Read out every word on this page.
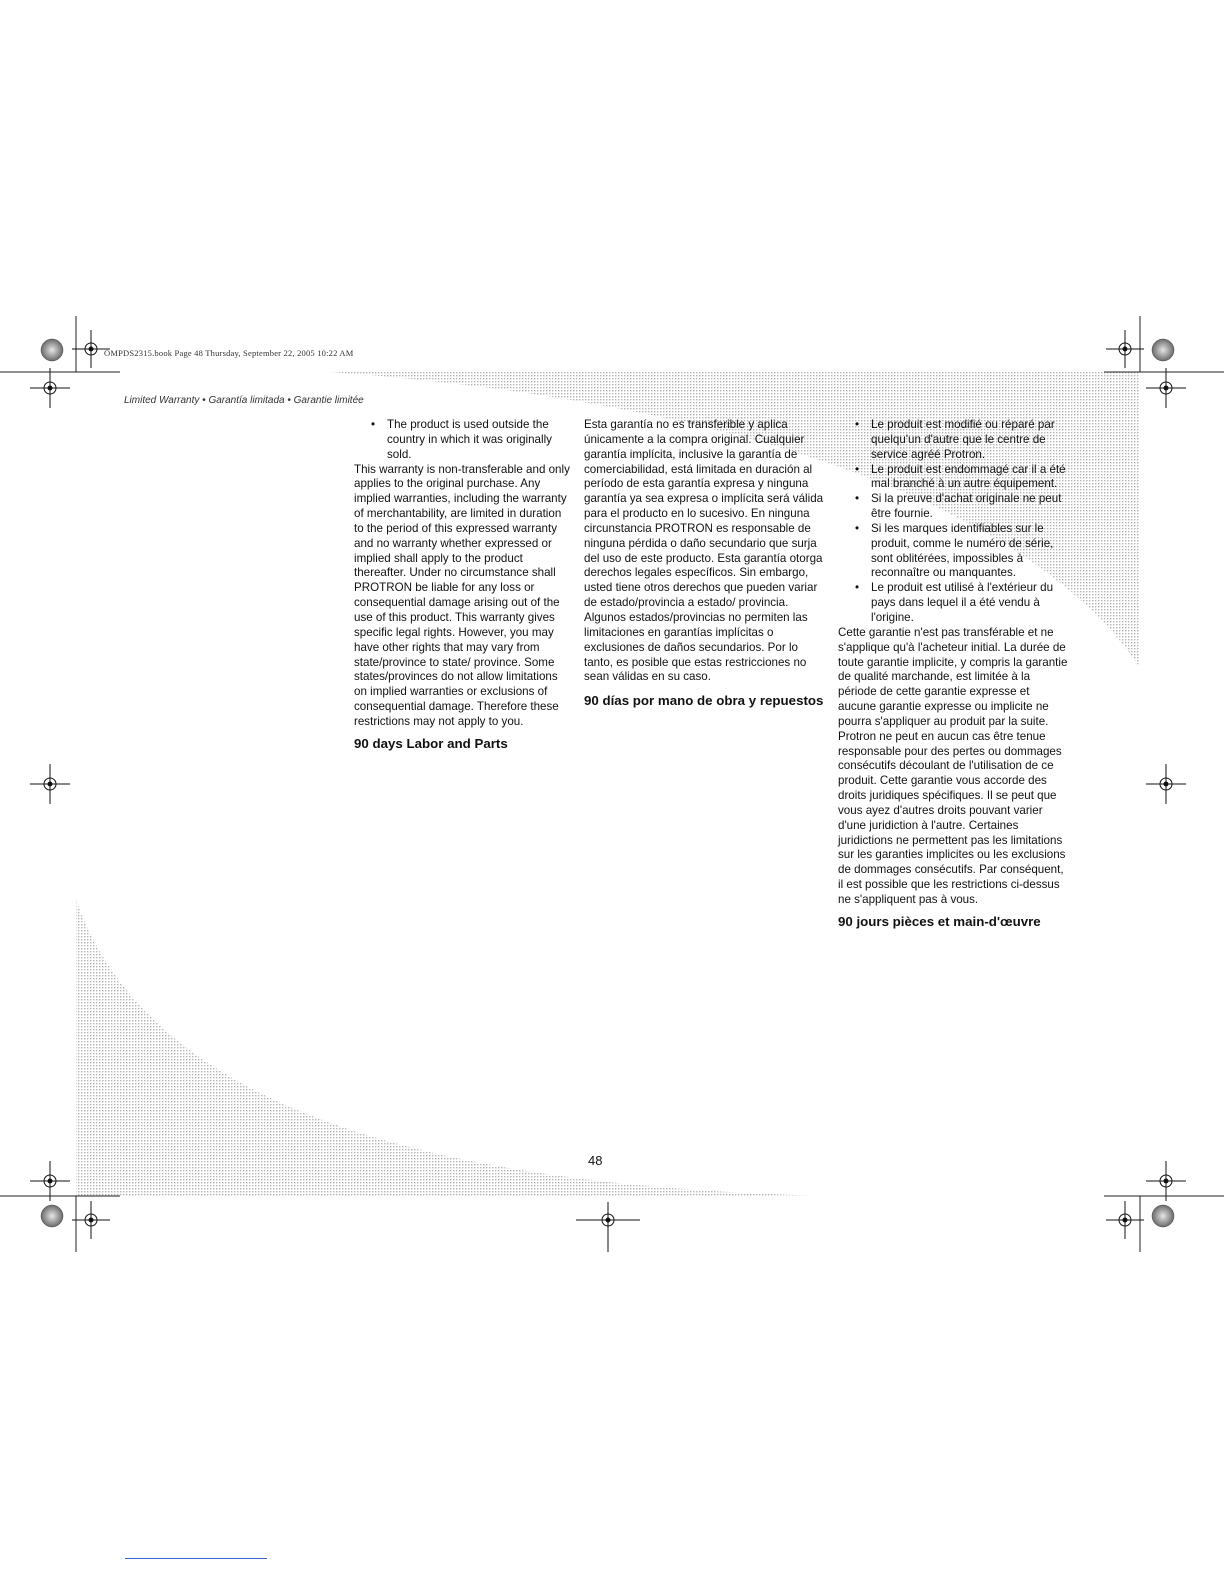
OMPDS2315.book Page 48 Thursday, September 22, 2005 10:22 AM
Limited Warranty • Garantía limitada • Garantie limitée
• The product is used outside the country in which it was originally sold.

This warranty is non-transferable and only applies to the original purchase. Any implied warranties, including the warranty of merchantability, are limited in duration to the period of this expressed warranty and no warranty whether expressed or implied shall apply to the product thereafter. Under no circumstance shall PROTRON be liable for any loss or consequential damage arising out of the use of this product. This warranty gives specific legal rights. However, you may have other rights that may vary from state/province to state/ province. Some states/provinces do not allow limitations on implied warranties or exclusions of consequential damage. Therefore these restrictions may not apply to you.

90 days Labor and Parts

Esta garantía no es transferible y aplica únicamente a la compra original. Cualquier garantía implícita, inclusive la garantía de comerciabilidad, está limitada en duración al período de esta garantía expresa y ninguna garantía ya sea expresa o implícita será válida para el producto en lo sucesivo. En ninguna circunstancia PROTRON es responsable de ninguna pérdida o daño secundario que surja del uso de este producto. Esta garantía otorga derechos legales específicos. Sin embargo, usted tiene otros derechos que pueden variar de estado/provincia a estado/ provincia. Algunos estados/provincias no permiten las limitaciones en garantías implícitas o exclusiones de daños secundarios. Por lo tanto, es posible que estas restricciones no sean válidas en su caso.

90 días por mano de obra y repuestos
• Le produit est modifié ou réparé par quelqu'un d'autre que le centre de service agréé Protron.
• Le produit est endommagé car il a été mal branché à un autre équipement.
• Si la preuve d'achat originale ne peut être fournie.
• Si les marques identifiables sur le produit, comme le numéro de série, sont oblitérées, impossibles à reconnaître ou manquantes.
• Le produit est utilisé à l'extérieur du pays dans lequel il a été vendu à l'origine.

Cette garantie n'est pas transférable et ne s'applique qu'à l'acheteur initial. La durée de toute garantie implicite, y compris la garantie de qualité marchande, est limitée à la période de cette garantie expresse et aucune garantie expresse ou implicite ne pourra s'appliquer au produit par la suite. Protron ne peut en aucun cas être tenue responsable pour des pertes ou dommages consécutifs découlant de l'utilisation de ce produit. Cette garantie vous accorde des droits juridiques spécifiques. Il se peut que vous ayez d'autres droits pouvant varier d'une juridiction à l'autre. Certaines juridictions ne permettent pas les limitations sur les garanties implicites ou les exclusions de dommages consécutifs. Par conséquent, il est possible que les restrictions ci-dessus ne s'appliquent pas à vous.

90 jours pièces et main-d'œuvre
48
